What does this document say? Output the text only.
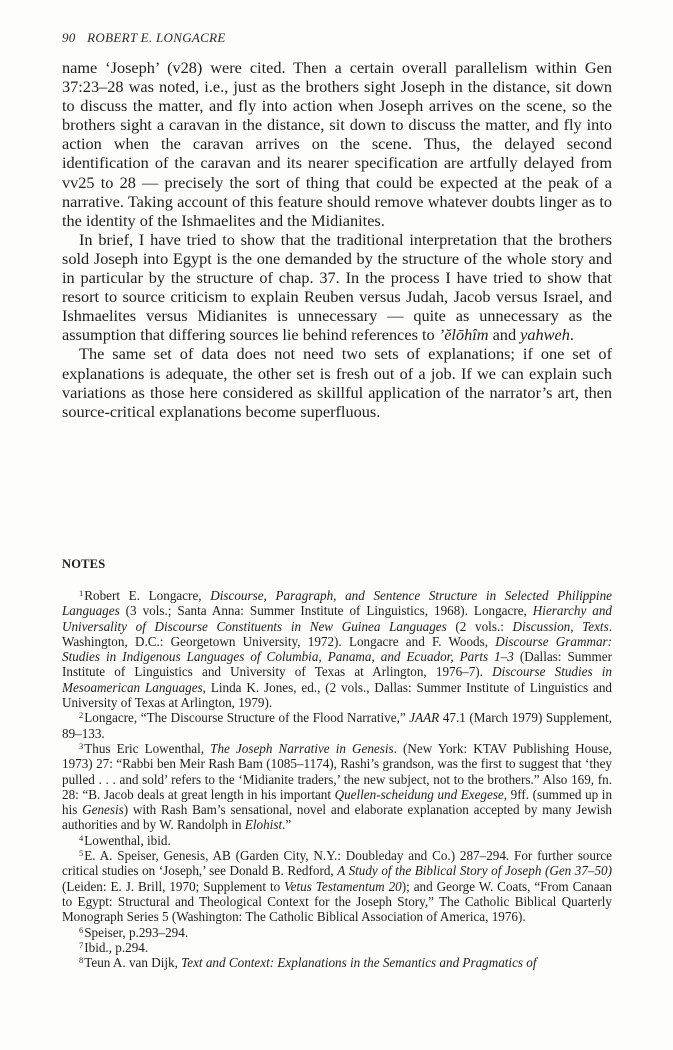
90 ROBERT E. LONGACRE

name ‘Joseph’ (v28) were cited. Then a certain overall parallelism within Gen 37:23–28 was noted, i.e., just as the brothers sight Joseph in the distance, sit down to discuss the matter, and fly into action when Joseph arrives on the scene, so the brothers sight a caravan in the distance, sit down to discuss the matter, and fly into action when the caravan arrives on the scene. Thus, the delayed second identification of the caravan and its nearer specification are artfully delayed from vv25 to 28 — precisely the sort of thing that could be expected at the peak of a narrative. Taking account of this feature should remove whatever doubts linger as to the identity of the Ishmaelites and the Midianites.

In brief, I have tried to show that the traditional interpretation that the brothers sold Joseph into Egypt is the one demanded by the structure of the whole story and in particular by the structure of chap. 37. In the process I have tried to show that resort to source criticism to explain Reuben versus Judah, Jacob versus Israel, and Ishmaelites versus Midianites is unnecessary — quite as unnecessary as the assumption that differing sources lie behind references to ’ĕlōhîm and yahweh.

The same set of data does not need two sets of explanations; if one set of explanations is adequate, the other set is fresh out of a job. If we can explain such variations as those here considered as skillful application of the narrator’s art, then source-critical explanations become superfluous.

NOTES

$^1$Robert E. Longacre, Discourse, Paragraph, and Sentence Structure in Selected Philippine Languages (3 vols.; Santa Anna: Summer Institute of Linguistics, 1968). Longacre, Hierarchy and Universality of Discourse Constituents in New Guinea Languages (2 vols.: Discussion, Texts. Washington, D.C.: Georgetown University, 1972). Longacre and F. Woods, Discourse Grammar: Studies in Indigenous Languages of Columbia, Panama, and Ecuador, Parts 1–3 (Dallas: Summer Institute of Linguistics and University of Texas at Arlington, 1976–7). Discourse Studies in Mesoamerican Languages, Linda K. Jones, ed., (2 vols., Dallas: Summer Institute of Linguistics and University of Texas at Arlington, 1979).

$^2$Longacre, “The Discourse Structure of the Flood Narrative,” JAAR 47.1 (March 1979) Supplement, 89–133.

$^3$Thus Eric Lowenthal, The Joseph Narrative in Genesis. (New York: KTAV Publishing House, 1973) 27: “Rabbi ben Meir Rash Bam (1085–1174), Rashi’s grandson, was the first to suggest that ‘they pulled . . . and sold’ refers to the ‘Midianite traders,’ the new subject, not to the brothers.” Also 169, fn. 28: “B. Jacob deals at great length in his important Quellen-scheidung und Exegese, 9ff. (summed up in his Genesis) with Rash Bam’s sensational, novel and elaborate explanation accepted by many Jewish authorities and by W. Randolph in Elohist.”

$^4$Lowenthal, ibid.

$^5$E. A. Speiser, Genesis, AB (Garden City, N.Y.: Doubleday and Co.) 287–294. For further source critical studies on ‘Joseph,’ see Donald B. Redford, A Study of the Biblical Story of Joseph (Gen 37–50) (Leiden: E. J. Brill, 1970; Supplement to Vetus Testamentum 20); and George W. Coats, “From Canaan to Egypt: Structural and Theological Context for the Joseph Story,” The Catholic Biblical Quarterly Monograph Series 5 (Washington: The Catholic Biblical Association of America, 1976).

$^6$Speiser, p.293–294.

$^7$Ibid., p.294.

$^8$Teun A. van Dijk, Text and Context: Explanations in the Semantics and Pragmatics of
